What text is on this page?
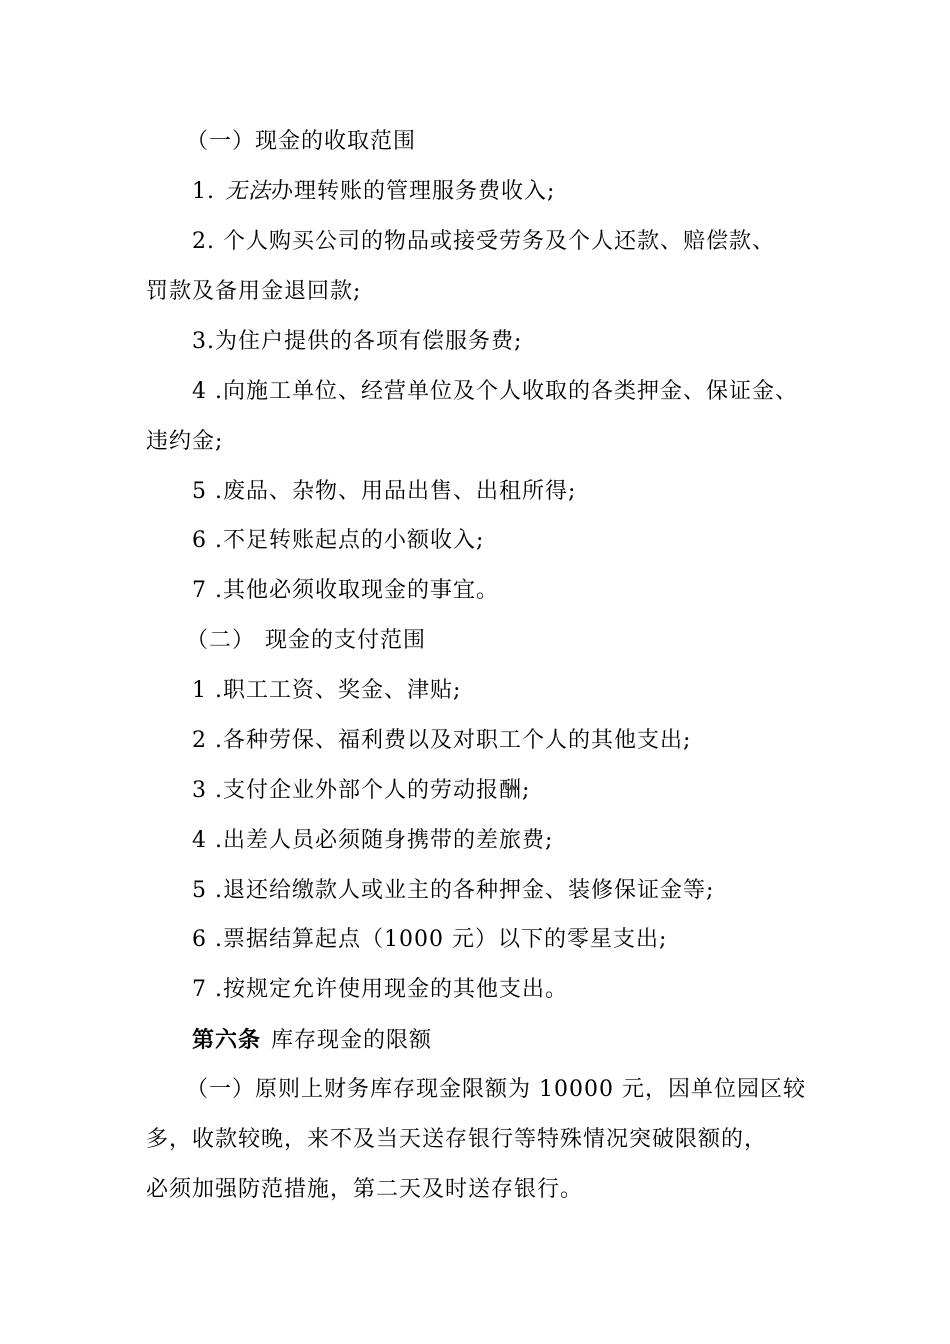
（一）现金的收取范围
1. 无法办理转账的管理服务费收入;
2. 个人购买公司的物品或接受劳务及个人还款、赔偿款、
罚款及备用金退回款;
3.为住户提供的各项有偿服务费;
4 .向施工单位、经营单位及个人收取的各类押金、保证金、
违约金;
5 .废品、杂物、用品出售、出租所得;
6 .不足转账起点的小额收入;
7 .其他必须收取现金的事宜。
（二） 现金的支付范围
1 .职工工资、奖金、津贴;
2 .各种劳保、福利费以及对职工个人的其他支出;
3 .支付企业外部个人的劳动报酬;
4 .出差人员必须随身携带的差旅费;
5 .退还给缴款人或业主的各种押金、装修保证金等;
6 .票据结算起点（1000 元）以下的零星支出;
7 .按规定允许使用现金的其他支出。
第六条 库存现金的限额
（一）原则上财务库存现金限额为 10000 元，因单位园区较
多，收款较晚，来不及当天送存银行等特殊情况突破限额的，
必须加强防范措施，第二天及时送存银行。
